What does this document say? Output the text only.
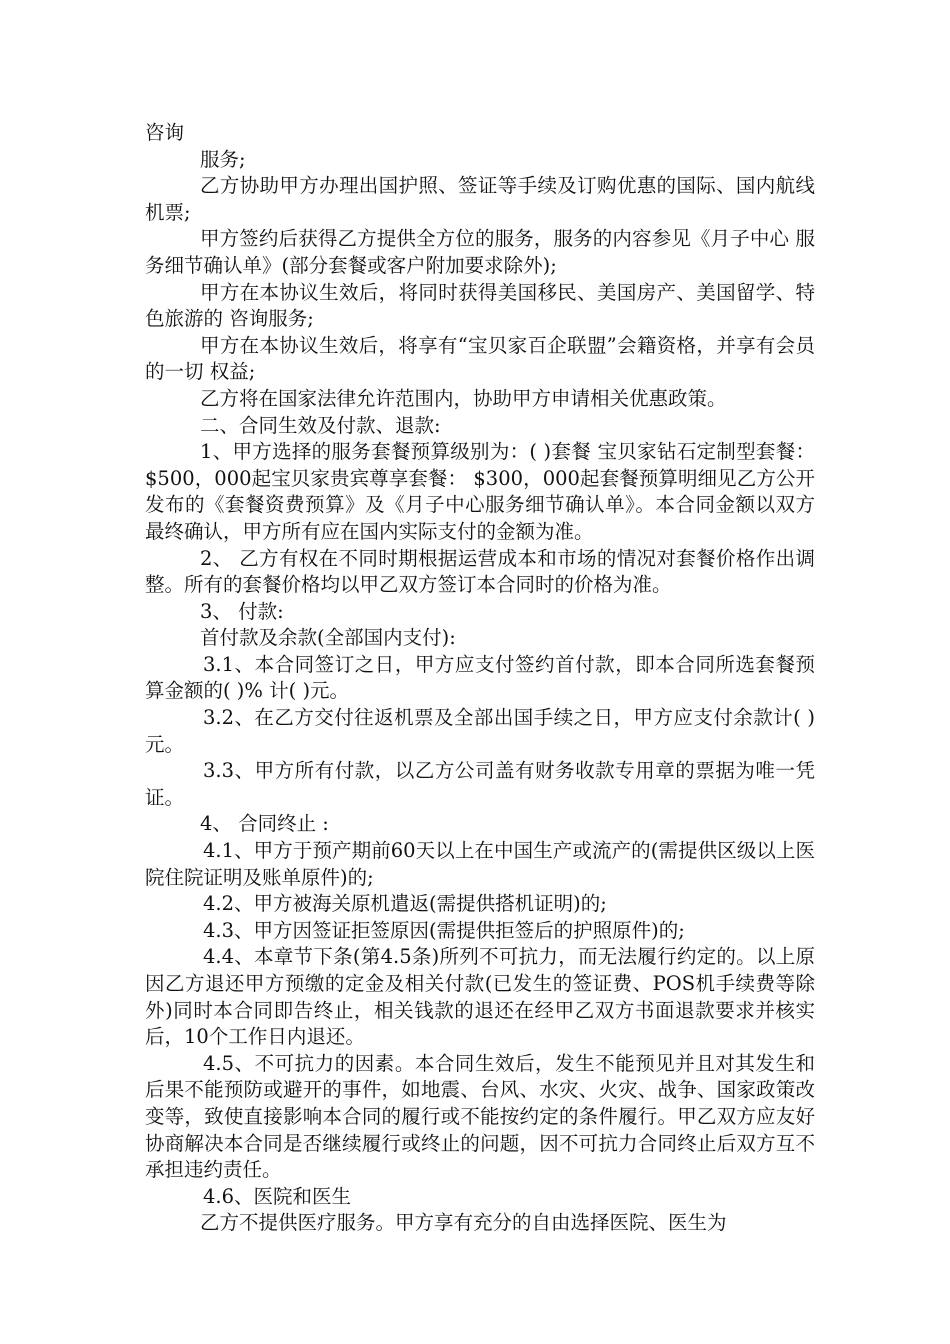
咨询

服务;

乙方协助甲方办理出国护照、签证等手续及订购优惠的国际、国内航线机票;

甲方签约后获得乙方提供全方位的服务，服务的内容参见《月子中心 服务细节确认单》(部分套餐或客户附加要求除外);

甲方在本协议生效后，将同时获得美国移民、美国房产、美国留学、特色旅游的 咨询服务;

甲方在本协议生效后，将享有“宝贝家百企联盟”会籍资格，并享有会员的一切 权益;

乙方将在国家法律允许范围内，协助甲方申请相关优惠政策。

二、合同生效及付款、退款:

1、甲方选择的服务套餐预算级别为：( )套餐 宝贝家钻石定制型套餐： $500，000起宝贝家贵宾尊享套餐： $300，000起套餐预算明细见乙方公开发布的《套餐资费预算》及《月子中心服务细节确认单》。本合同金额以双方最终确认，甲方所有应在国内实际支付的金额为准。

2、 乙方有权在不同时期根据运营成本和市场的情况对套餐价格作出调整。所有的套餐价格均以甲乙双方签订本合同时的价格为准。

3、 付款:

首付款及余款(全部国内支付):

3.1、本合同签订之日，甲方应支付签约首付款，即本合同所选套餐预算金额的( )% 计( )元。

3.2、在乙方交付往返机票及全部出国手续之日，甲方应支付余款计( )元。

3.3、甲方所有付款，以乙方公司盖有财务收款专用章的票据为唯一凭证。

4、 合同终止 :

4.1、甲方于预产期前60天以上在中国生产或流产的(需提供区级以上医院住院证明及账单原件)的;

4.2、甲方被海关原机遣返(需提供搭机证明)的;

4.3、甲方因签证拒签原因(需提供拒签后的护照原件)的;

4.4、本章节下条(第4.5条)所列不可抗力，而无法履行约定的。以上原因乙方退还甲方预缴的定金及相关付款(已发生的签证费、POS机手续费等除外)同时本合同即告终止，相关钱款的退还在经甲乙双方书面退款要求并核实后，10个工作日内退还。

4.5、不可抗力的因素。本合同生效后，发生不能预见并且对其发生和后果不能预防或避开的事件，如地震、台风、水灾、火灾、战争、国家政策改变等，致使直接影响本合同的履行或不能按约定的条件履行。甲乙双方应友好协商解决本合同是否继续履行或终止的问题，因不可抗力合同终止后双方互不承担违约责任。

4.6、医院和医生

乙方不提供医疗服务。甲方享有充分的自由选择医院、医生为
